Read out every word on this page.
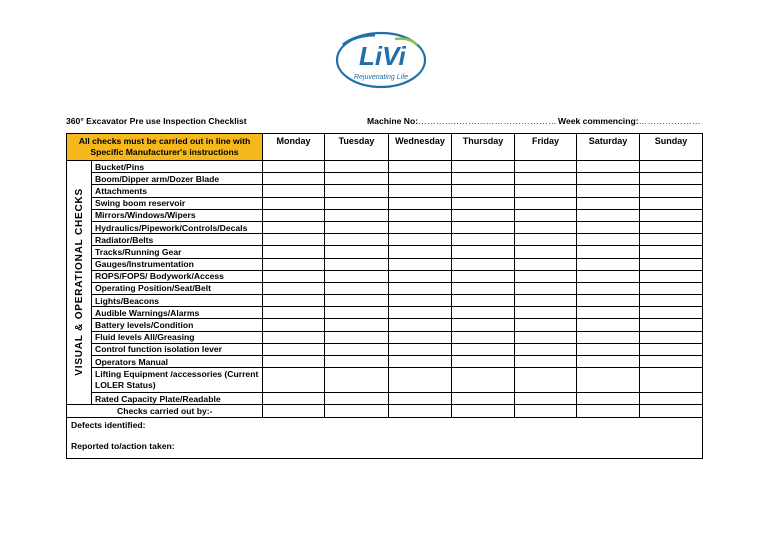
LiVi
Rejuvenating Life
360° Excavator Pre use Inspection Checklist	Machine No:…………..…………………………… Week commencing:…………………
All checks must be carried out in line with Specific Manufacturer's instructions		Monday	Tuesday	Wednesday	Thursday	Friday	Saturday	Sunday
VISUAL & OPERATIONAL CHECKS	Bucket/Pins							
	Boom/Dipper arm/Dozer Blade							
	Attachments							
	Swing boom reservoir							
	Mirrors/Windows/Wipers							
	Hydraulics/Pipework/Controls/Decals							
	Radiator/Belts							
	Tracks/Running Gear							
	Gauges/Instrumentation							
	ROPS/FOPS/ Bodywork/Access							
	Operating Position/Seat/Belt							
	Lights/Beacons							
	Audible Warnings/Alarms							
	Battery levels/Condition							
	Fluid levels All/Greasing							
	Control function isolation lever							
	Operators Manual							
	Lifting Equipment /accessories (Current LOLER Status)							
	Rated Capacity Plate/Readable							
Checks carried out by:-								

Defects identified:
Reported to/action taken:								
